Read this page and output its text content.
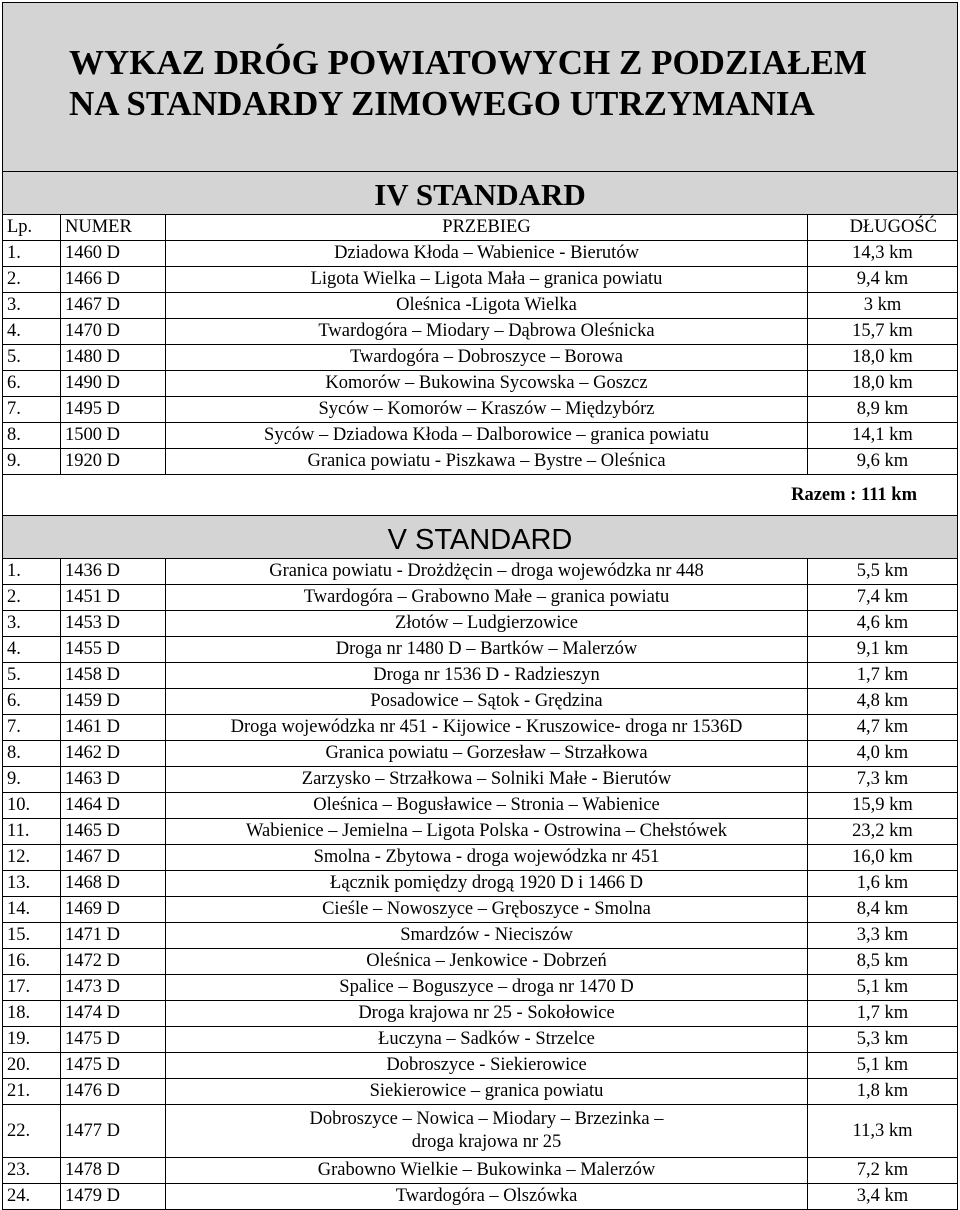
WYKAZ DRÓG POWIATOWYCH Z PODZIAŁEM
NA STANDARDY ZIMOWEGO UTRZYMANIA			

IV STANDARD			
Lp.	NUMER	PRZEBIEG	DŁUGOŚĆ
1.	1460 D	Dziadowa Kłoda – Wabienice - Bierutów	14,3 km
2.	1466 D	Ligota Wielka – Ligota Mała – granica powiatu	9,4 km
3.	1467 D	Oleśnica -Ligota Wielka	3 km
4.	1470 D	Twardogóra – Miodary – Dąbrowa Oleśnicka	15,7 km
5.	1480 D	Twardogóra – Dobroszyce – Borowa	18,0 km
6.	1490 D	Komorów – Bukowina Sycowska – Goszcz	18,0 km
7.	1495 D	Syców – Komorów – Kraszów – Międzybórz	8,9 km
8.	1500 D	Syców – Dziadowa Kłoda – Dalborowice – granica powiatu	14,1 km
9.	1920 D	Granica powiatu - Piszkawa – Bystre – Oleśnica	9,6 km
Razem : 111 km			
V STANDARD			
1.	1436 D	Granica powiatu - Drożdżęcin – droga wojewódzka nr 448	5,5 km
2.	1451 D	Twardogóra – Grabowno Małe – granica powiatu	7,4 km
3.	1453 D	Złotów – Ludgierzowice	4,6 km
4.	1455 D	Droga nr 1480 D – Bartków – Malerzów	9,1 km
5.	1458 D	Droga nr 1536 D - Radzieszyn	1,7 km
6.	1459 D	Posadowice – Sątok - Grędzina	4,8 km
7.	1461 D	Droga wojewódzka nr 451 - Kijowice - Kruszowice- droga nr 1536D	4,7 km
8.	1462 D	Granica powiatu – Gorzesław – Strzałkowa	4,0 km
9.	1463 D	Zarzysko – Strzałkowa – Solniki Małe - Bierutów	7,3 km
10.	1464 D	Oleśnica – Bogusławice – Stronia – Wabienice	15,9 km
11.	1465 D	Wabienice – Jemielna – Ligota Polska - Ostrowina – Chełstówek	23,2 km
12.	1467 D	Smolna - Zbytowa - droga wojewódzka nr 451	16,0 km
13.	1468 D	Łącznik pomiędzy drogą 1920 D i 1466 D	1,6 km
14.	1469 D	Cieśle – Nowoszyce – Gręboszyce - Smolna	8,4 km
15.	1471 D	Smardzów - Nieciszów	3,3 km
16.	1472 D	Oleśnica – Jenkowice - Dobrzeń	8,5 km
17.	1473 D	Spalice – Boguszyce – droga nr 1470 D	5,1 km
18.	1474 D	Droga krajowa nr 25 - Sokołowice	1,7 km
19.	1475 D	Łuczyna – Sadków - Strzelce	5,3 km
20.	1475 D	Dobroszyce - Siekierowice	5,1 km
21.	1476 D	Siekierowice – granica powiatu	1,8 km
22.	1477 D	Dobroszyce – Nowica – Miodary – Brzezinka –
droga krajowa nr 25	11,3 km
23.	1478 D	Grabowno Wielkie – Bukowinka – Malerzów	7,2 km
24.	1479 D	Twardogóra – Olszówka	3,4 km
